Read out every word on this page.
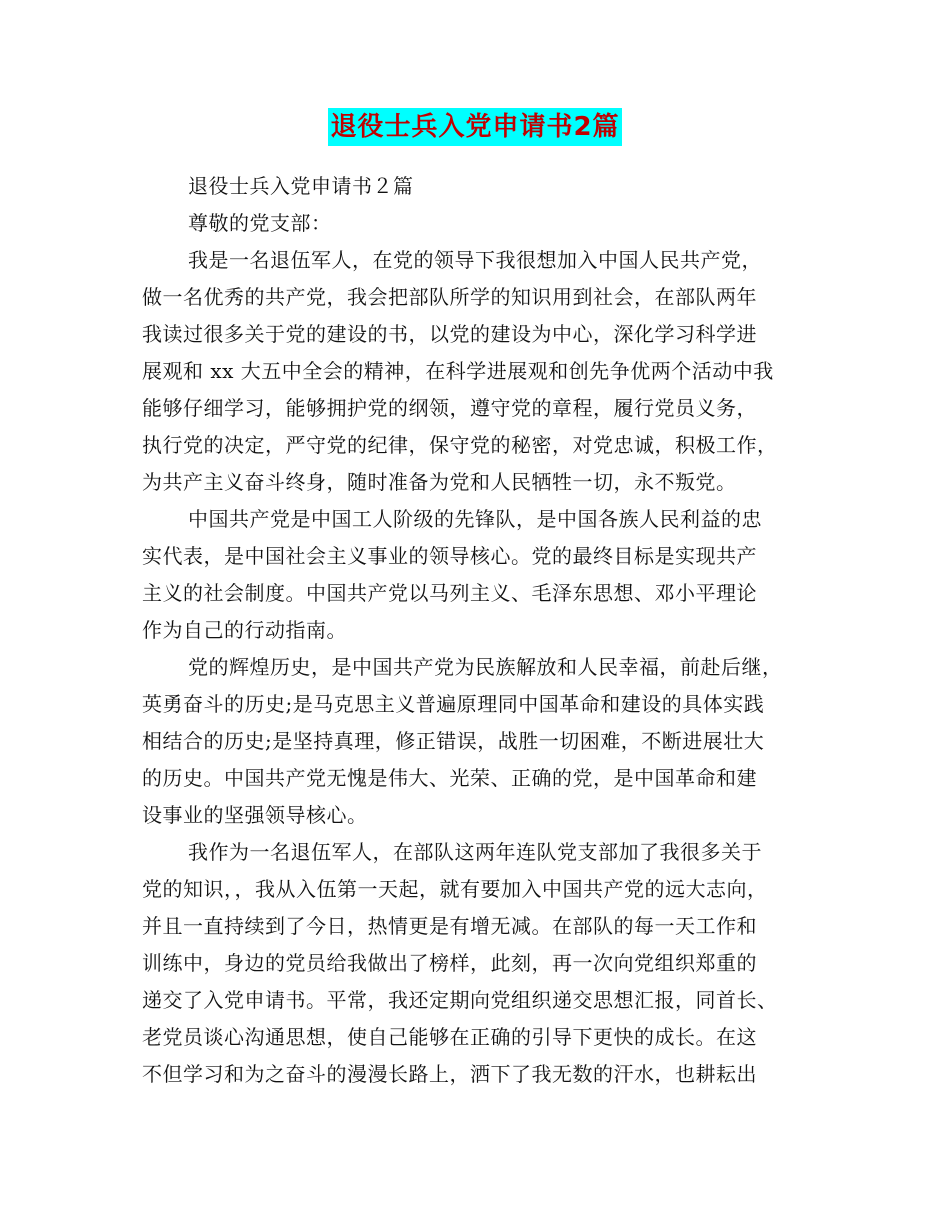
退役士兵入党申请书2篇
退役士兵入党申请书２篇
尊敬的党支部：
我是一名退伍军人，在党的领导下我很想加入中国人民共产党，
做一名优秀的共产党，我会把部队所学的知识用到社会，在部队两年
我读过很多关于党的建设的书，以党的建设为中心，深化学习科学进
展观和 xx 大五中全会的精神，在科学进展观和创先争优两个活动中我
能够仔细学习，能够拥护党的纲领，遵守党的章程，履行党员义务，
执行党的决定，严守党的纪律，保守党的秘密，对党忠诚，积极工作，
为共产主义奋斗终身，随时准备为党和人民牺牲一切，永不叛党。
中国共产党是中国工人阶级的先锋队，是中国各族人民利益的忠
实代表，是中国社会主义事业的领导核心。党的最终目标是实现共产
主义的社会制度。中国共产党以马列主义、毛泽东思想、邓小平理论
作为自己的行动指南。
党的辉煌历史，是中国共产党为民族解放和人民幸福，前赴后继，
英勇奋斗的历史;是马克思主义普遍原理同中国革命和建设的具体实践
相结合的历史;是坚持真理，修正错误，战胜一切困难，不断进展壮大
的历史。中国共产党无愧是伟大、光荣、正确的党，是中国革命和建
设事业的坚强领导核心。
我作为一名退伍军人，在部队这两年连队党支部加了我很多关于
党的知识，，我从入伍第一天起，就有要加入中国共产党的远大志向，
并且一直持续到了今日，热情更是有增无减。在部队的每一天工作和
训练中，身边的党员给我做出了榜样，此刻，再一次向党组织郑重的
递交了入党申请书。平常，我还定期向党组织递交思想汇报，同首长、
老党员谈心沟通思想，使自己能够在正确的引导下更快的成长。在这
不但学习和为之奋斗的漫漫长路上，洒下了我无数的汗水，也耕耘出
